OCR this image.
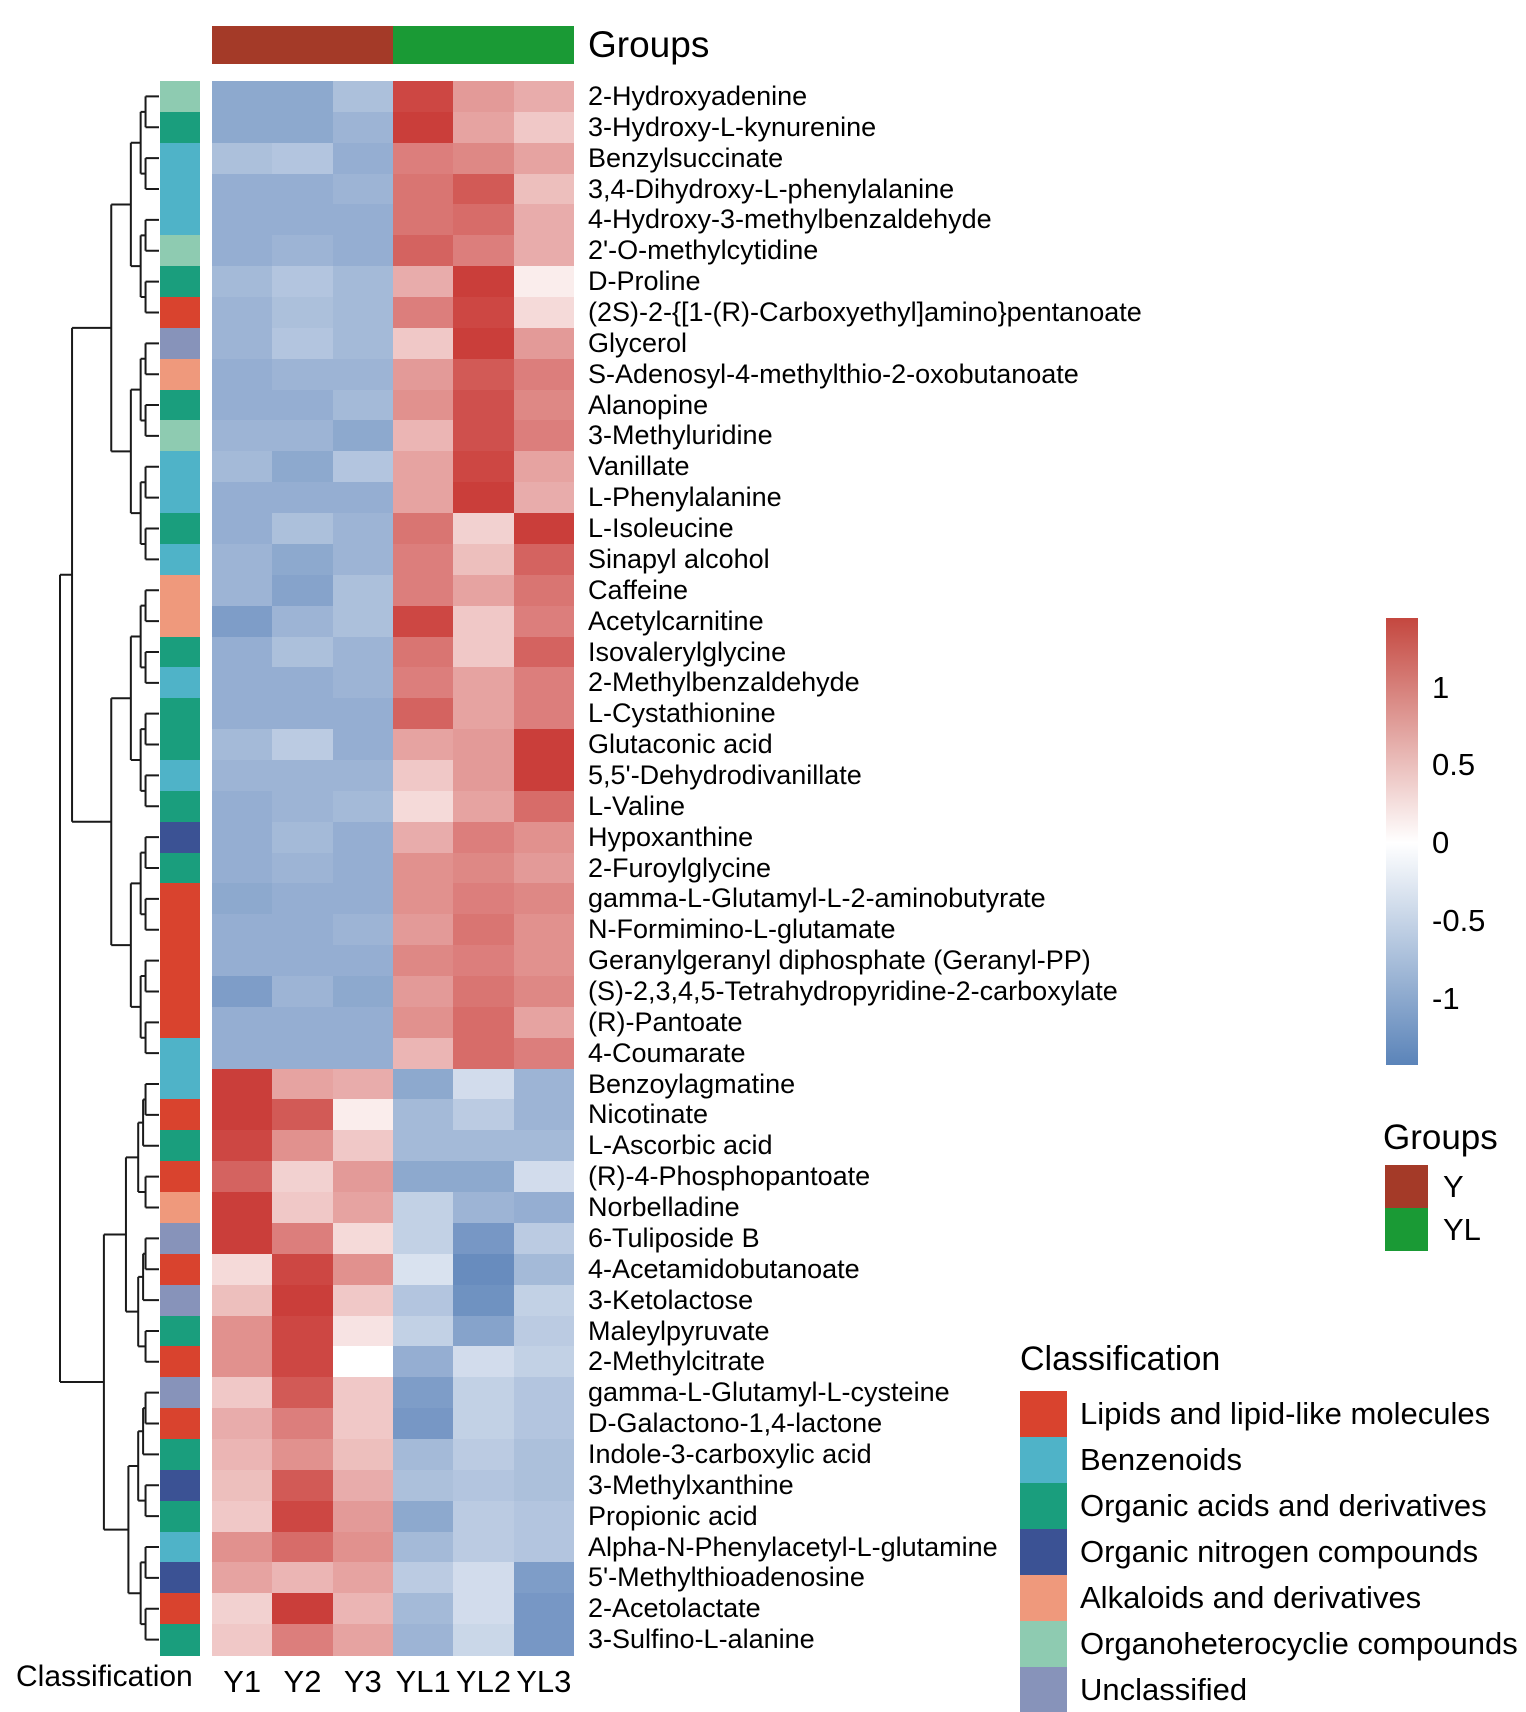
Groups
2-Hydroxyadenine
3-Hydroxy-L-kynurenine
Benzylsuccinate
3,4-Dihydroxy-L-phenylalanine
4-Hydroxy-3-methylbenzaldehyde
2'-O-methylcytidine
D-Proline
(2S)-2-{[1-(R)-Carboxyethyl]amino}pentanoate
Glycerol
S-Adenosyl-4-methylthio-2-oxobutanoate
Alanopine
3-Methyluridine
Vanillate
L-Phenylalanine
L-Isoleucine
Sinapyl alcohol
Caffeine
Acetylcarnitine
Isovalerylglycine
2-Methylbenzaldehyde
L-Cystathionine
Glutaconic acid
5,5'-Dehydrodivanillate
L-Valine
Hypoxanthine
2-Furoylglycine
gamma-L-Glutamyl-L-2-aminobutyrate
N-Formimino-L-glutamate
Geranylgeranyl diphosphate (Geranyl-PP)
(S)-2,3,4,5-Tetrahydropyridine-2-carboxylate
(R)-Pantoate
4-Coumarate
Benzoylagmatine
Nicotinate
L-Ascorbic acid
(R)-4-Phosphopantoate
Norbelladine
6-Tuliposide B
4-Acetamidobutanoate
3-Ketolactose
Maleylpyruvate
2-Methylcitrate
gamma-L-Glutamyl-L-cysteine
D-Galactono-1,4-lactone
Indole-3-carboxylic acid
3-Methylxanthine
Propionic acid
Alpha-N-Phenylacetyl-L-glutamine
5'-Methylthioadenosine
2-Acetolactate
3-Sulfino-L-alanine
Y1 Y2 Y3 YL1 YL2 YL3
Classification
1
0.5
0
-0.5
-1
Groups
Y
YL
Classification
Lipids and lipid-like molecules
Benzenoids
Organic acids and derivatives
Organic nitrogen compounds
Alkaloids and derivatives
Organoheterocyclie compounds
Unclassified
